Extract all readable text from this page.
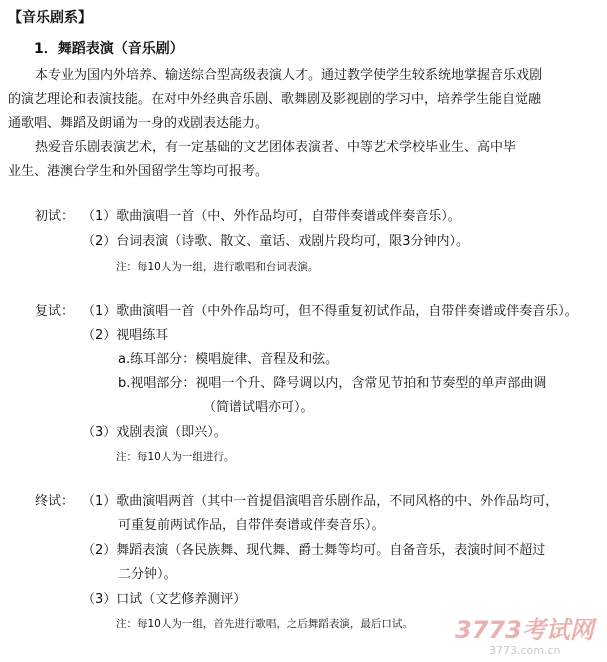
【音乐剧系】
1．舞蹈表演（音乐剧）
本专业为国内外培养、输送综合型高级表演人才。通过教学使学生较系统地掌握音乐戏剧
的演艺理论和表演技能。在对中外经典音乐剧、歌舞剧及影视剧的学习中，培养学生能自觉融
通歌唱、舞蹈及朗诵为一身的戏剧表达能力。
热爱音乐剧表演艺术，有一定基础的文艺团体表演者、中等艺术学校毕业生、高中毕
业生、港澳台学生和外国留学生等均可报考。
初试： （1）歌曲演唱一首（中、外作品均可，自带伴奏谱或伴奏音乐）。
（2）台词表演（诗歌、散文、童话、戏剧片段均可，限3分钟内）。
注：每10人为一组，进行歌唱和台词表演。
复试： （1）歌曲演唱一首（中外作品均可，但不得重复初试作品，自带伴奏谱或伴奏音乐）。
（2）视唱练耳
a.练耳部分：模唱旋律、音程及和弦。
b.视唱部分：视唱一个升、降号调以内，含常见节拍和节奏型的单声部曲调
（简谱试唱亦可）。
（3）戏剧表演（即兴）。
注：每10人为一组进行。
终试： （1）歌曲演唱两首（其中一首提倡演唱音乐剧作品，不同风格的中、外作品均可，
可重复前两试作品，自带伴奏谱或伴奏音乐）。
（2）舞蹈表演（各民族舞、现代舞、爵士舞等均可。自备音乐，表演时间不超过
二分钟）。
（3）口试（文艺修养测评）
注：每10人为一组，首先进行歌唱，之后舞蹈表演，最后口试。 3773考试网
3773.com.cn
